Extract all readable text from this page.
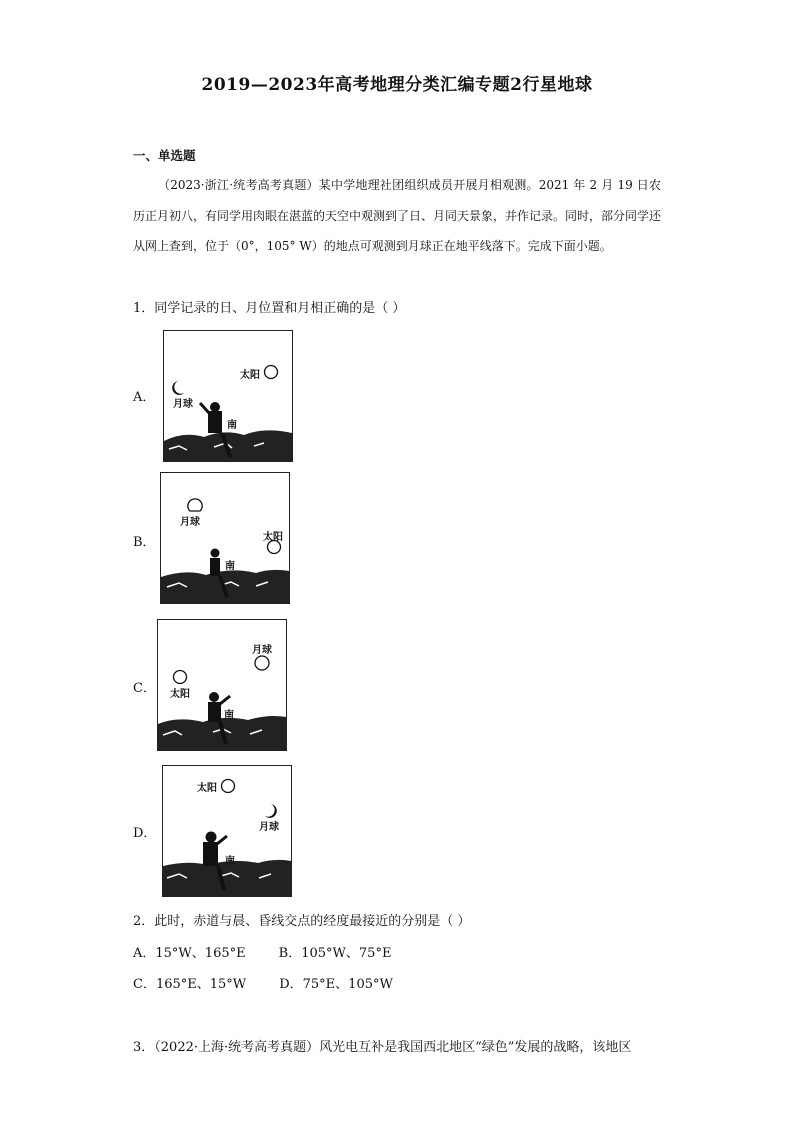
2019—2023年高考地理分类汇编专题2行星地球
一、单选题

（2023·浙江·统考高考真题）某中学地理社团组织成员开展月相观测。2021 年 2 月 19 日农历正月初八，有同学用肉眼在湛蓝的天空中观测到了日、月同天景象，并作记录。同时，部分同学还从网上查到，位于（0°，105° W）的地点可观测到月球正在地平线落下。完成下面小题。

1．同学记录的日、月位置和月相正确的是（ ）
A．
太阳
月球
南
B．
月球
太阳
南
C．
月球
太阳
南
D．
太阳
月球
南
2．此时，赤道与晨、昏线交点的经度最接近的分别是（ ）
A．15°W、165°E	B．105°W、75°E
C．165°E、15°W	D．75°E、105°W
3．（2022·上海·统考高考真题）风光电互补是我国西北地区“绿色”发展的战略，该地区
